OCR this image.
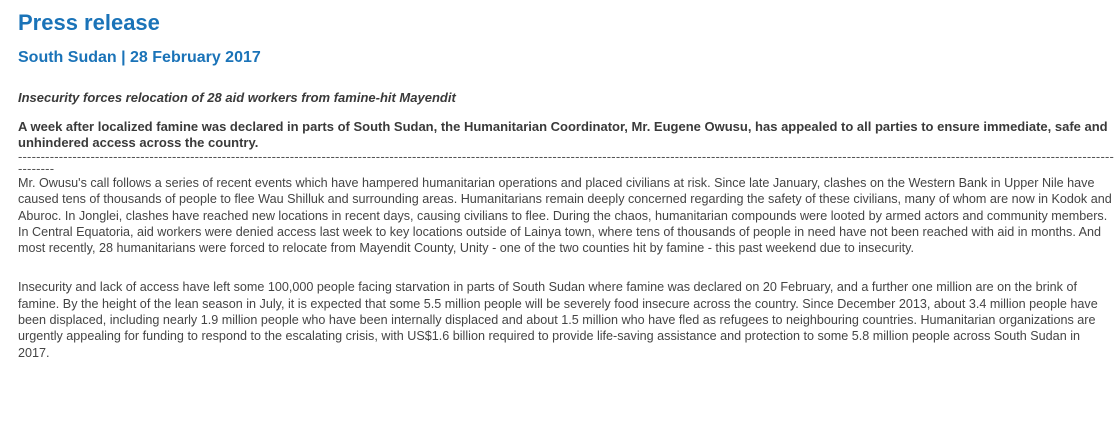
Press release
South Sudan | 28 February 2017

Insecurity forces relocation of 28 aid workers from famine-hit Mayendit

A week after localized famine was declared in parts of South Sudan, the Humanitarian Coordinator, Mr. Eugene Owusu, has appealed to all parties to ensure immediate, safe and unhindered access across the country.

----------------------------------------------------------------------------------------------------------------------------------------------------------------------------------------------------------------------------------------------------------

Mr. Owusu's call follows a series of recent events which have hampered humanitarian operations and placed civilians at risk. Since late January, clashes on the Western Bank in Upper Nile have caused tens of thousands of people to flee Wau Shilluk and surrounding areas. Humanitarians remain deeply concerned regarding the safety of these civilians, many of whom are now in Kodok and Aburoc. In Jonglei, clashes have reached new locations in recent days, causing civilians to flee. During the chaos, humanitarian compounds were looted by armed actors and community members. In Central Equatoria, aid workers were denied access last week to key locations outside of Lainya town, where tens of thousands of people in need have not been reached with aid in months. And most recently, 28 humanitarians were forced to relocate from Mayendit County, Unity - one of the two counties hit by famine - this past weekend due to insecurity.

Insecurity and lack of access have left some 100,000 people facing starvation in parts of South Sudan where famine was declared on 20 February, and a further one million are on the brink of famine. By the height of the lean season in July, it is expected that some 5.5 million people will be severely food insecure across the country. Since December 2013, about 3.4 million people have been displaced, including nearly 1.9 million people who have been internally displaced and about 1.5 million who have fled as refugees to neighbouring countries. Humanitarian organizations are urgently appealing for funding to respond to the escalating crisis, with US$1.6 billion required to provide life-saving assistance and protection to some 5.8 million people across South Sudan in 2017.
